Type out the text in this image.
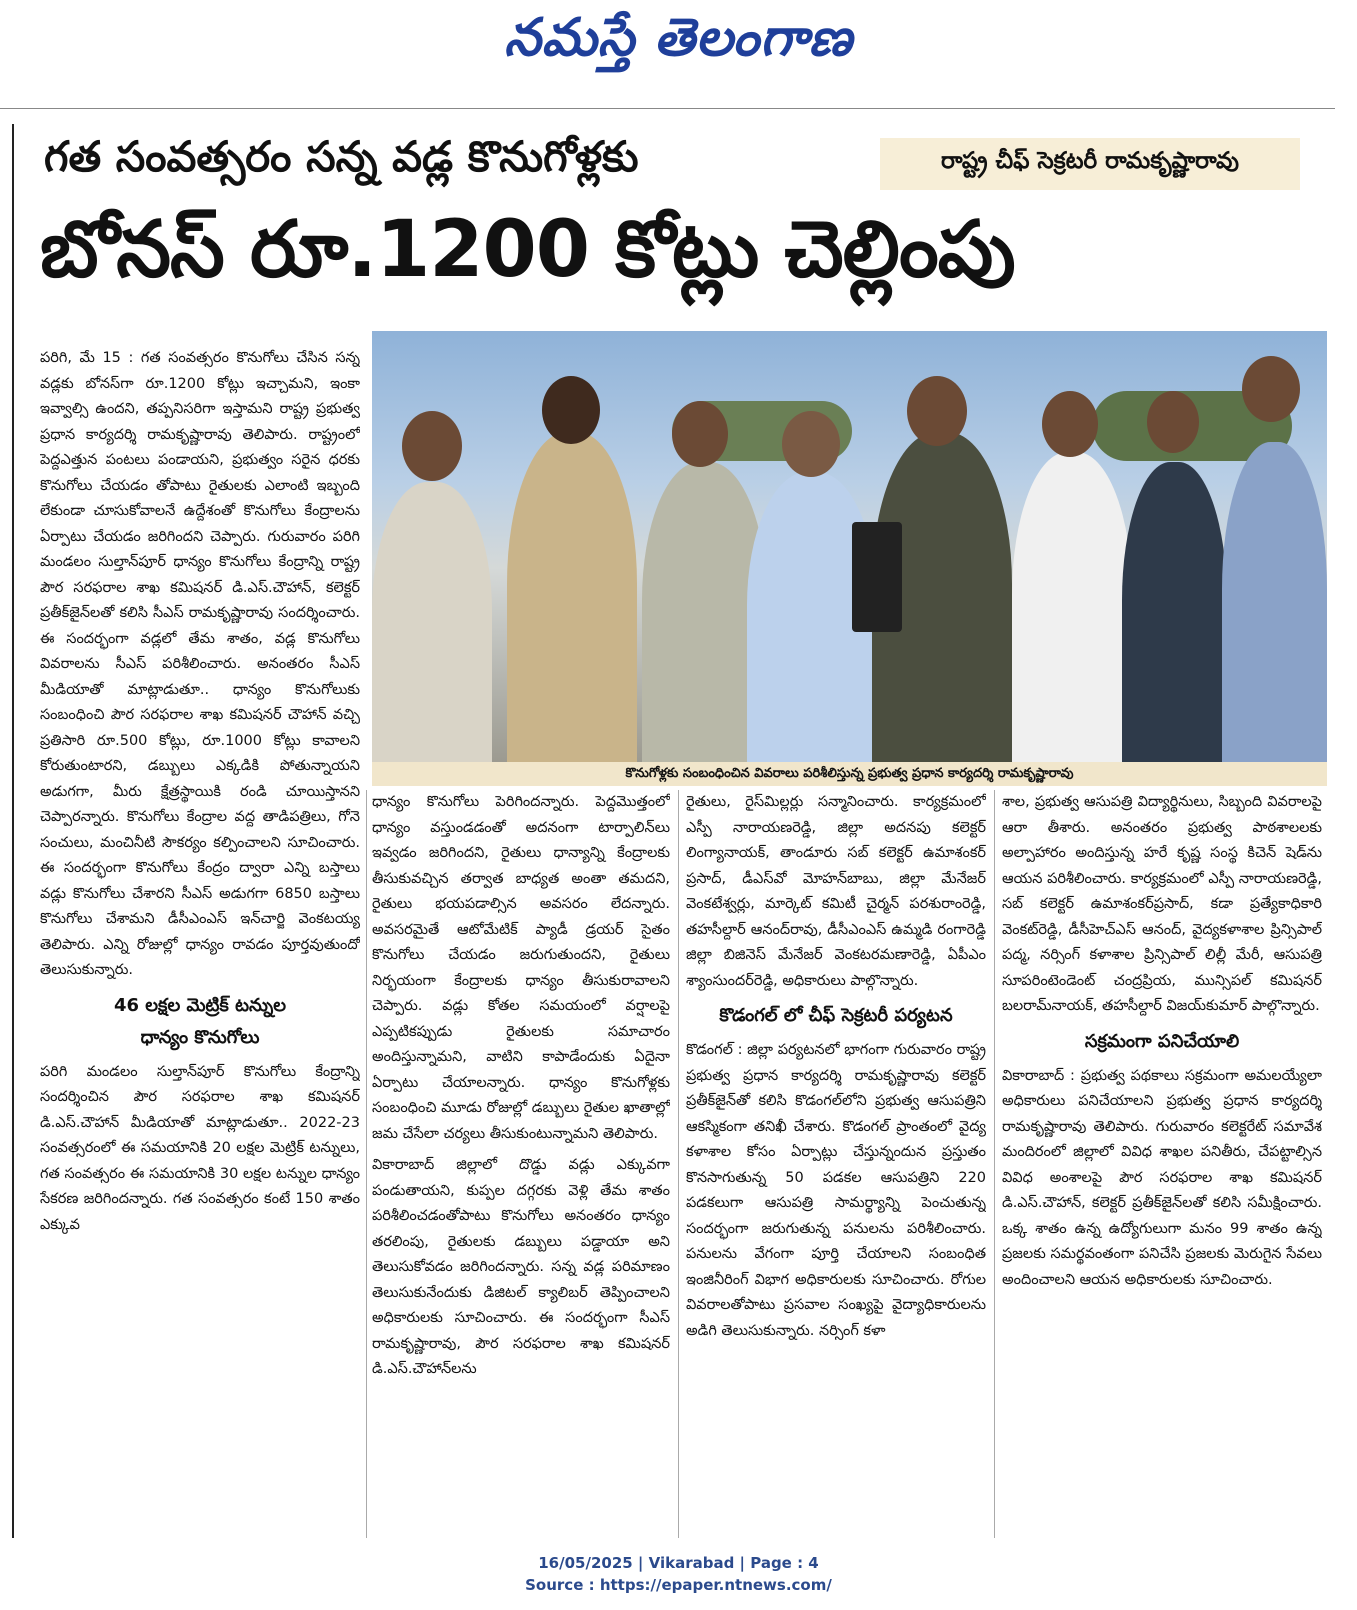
నమస్తే తెలంగాణ
గత సంవత్సరం సన్న వడ్ల కొనుగోళ్లకు	రాష్ట్ర చీఫ్ సెక్రటరీ రామకృష్ణారావు
బోనస్ రూ.1200 కోట్లు చెల్లింపు
కొనుగోళ్లకు సంబంధించిన వివరాలు పరిశీలిస్తున్న ప్రభుత్వ ప్రధాన కార్యదర్శి రామకృష్ణారావు

పరిగి, మే 15 : గత సంవత్సరం కొనుగోలు చేసిన సన్న వడ్లకు బోనస్‌గా రూ.1200 కోట్లు ఇచ్చామని, ఇంకా ఇవ్వాల్సి ఉందని, తప్పనిసరిగా ఇస్తామని రాష్ట్ర ప్రభుత్వ ప్రధాన కార్యదర్శి రామకృష్ణారావు తెలిపారు. రాష్ట్రంలో పెద్దఎత్తున పంటలు పండాయని, ప్రభుత్వం సరైన ధరకు కొనుగోలు చేయడం తోపాటు రైతులకు ఎలాంటి ఇబ్బంది లేకుండా చూసుకోవాలనే ఉద్దేశంతో కొనుగోలు కేంద్రాలను ఏర్పాటు చేయడం జరిగిందని చెప్పారు. గురువారం పరిగి మండలం సుల్తాన్‌పూర్ ధాన్యం కొనుగోలు కేంద్రాన్ని రాష్ట్ర పౌర సరఫరాల శాఖ కమిషనర్ డి.ఎస్.చౌహాన్, కలెక్టర్ ప్రతీక్‌జైన్‌లతో కలిసి సీఎస్ రామకృష్ణారావు సందర్శించారు. ఈ సందర్భంగా వడ్లలో తేమ శాతం, వడ్ల కొనుగోలు వివరాలను సీఎస్ పరిశీలించారు. అనంతరం సీఎస్ మీడియాతో మాట్లాడుతూ.. ధాన్యం కొనుగోలుకు సంబంధించి పౌర సరఫరాల శాఖ కమిషనర్ చౌహాన్ వచ్చి ప్రతిసారి రూ.500 కోట్లు, రూ.1000 కోట్లు కావాలని కోరుతుంటారని, డబ్బులు ఎక్కడికి పోతున్నాయని అడుగగా, మీరు క్షేత్రస్థాయికి రండి చూయిస్తానని చెప్పారన్నారు. కొనుగోలు కేంద్రాల వద్ద తాడిపత్రిలు, గోనె సంచులు, మంచినీటి సౌకర్యం కల్పించాలని సూచించారు. ఈ సందర్భంగా కొనుగోలు కేంద్రం ద్వారా ఎన్ని బస్తాలు వడ్లు కొనుగోలు చేశారని సీఎస్ అడుగగా 6850 బస్తాలు కొనుగోలు చేశామని డీసీఎంఎస్ ఇన్‌చార్జి వెంకటయ్య తెలిపారు. ఎన్ని రోజుల్లో ధాన్యం రావడం పూర్తవుతుందో తెలుసుకున్నారు.

46 లక్షల మెట్రిక్ టన్నుల
ధాన్యం కొనుగోలు

పరిగి మండలం సుల్తాన్‌పూర్ కొనుగోలు కేంద్రాన్ని సందర్శించిన పౌర సరఫరాల శాఖ కమిషనర్ డి.ఎస్.చౌహాన్ మీడియాతో మాట్లాడుతూ.. 2022-23 సంవత్సరంలో ఈ సమయానికి 20 లక్షల మెట్రిక్ టన్నులు, గత సంవత్సరం ఈ సమయానికి 30 లక్షల టన్నుల ధాన్యం సేకరణ జరిగిందన్నారు. గత సంవత్సరం కంటే 150 శాతం ఎక్కువ

ధాన్యం కొనుగోలు పెరిగిందన్నారు. పెద్దమొత్తంలో ధాన్యం వస్తుండడంతో అదనంగా టార్పాలిన్‌లు ఇవ్వడం జరిగిందని, రైతులు ధాన్యాన్ని కేంద్రాలకు తీసుకువచ్చిన తర్వాత బాధ్యత అంతా తమదని, రైతులు భయపడాల్సిన అవసరం లేదన్నారు. అవసరమైతే ఆటోమేటిక్ ప్యాడీ డ్రయర్ సైతం కొనుగోలు చేయడం జరుగుతుందని, రైతులు నిర్భయంగా కేంద్రాలకు ధాన్యం తీసుకురావాలని చెప్పారు. వడ్లు కోతల సమయంలో వర్షాలపై ఎప్పటికప్పుడు రైతులకు సమాచారం అందిస్తున్నామని, వాటిని కాపాడేందుకు ఏదైనా ఏర్పాటు చేయాలన్నారు. ధాన్యం కొనుగోళ్లకు సంబంధించి మూడు రోజుల్లో డబ్బులు రైతుల ఖాతాల్లో జమ చేసేలా చర్యలు తీసుకుంటున్నామని తెలిపారు.

వికారాబాద్ జిల్లాలో దొడ్డు వడ్లు ఎక్కువగా పండుతాయని, కుప్పల దగ్గరకు వెళ్లి తేమ శాతం పరిశీలించడంతోపాటు కొనుగోలు అనంతరం ధాన్యం తరలింపు, రైతులకు డబ్బులు పడ్డాయా అని తెలుసుకోవడం జరిగిందన్నారు. సన్న వడ్ల పరిమాణం తెలుసుకునేందుకు డిజిటల్ క్యాలిబర్ తెప్పించాలని అధికారులకు సూచించారు. ఈ సందర్భంగా సీఎస్ రామకృష్ణారావు, పౌర సరఫరాల శాఖ కమిషనర్ డి.ఎస్.చౌహాన్‌లను

రైతులు, రైస్‌మిల్లర్లు సన్మానించారు. కార్యక్రమంలో ఎస్పీ నారాయణరెడ్డి, జిల్లా అదనపు కలెక్టర్ లింగ్యానాయక్, తాండూరు సబ్ కలెక్టర్ ఉమాశంకర్ ప్రసాద్, డీఎస్‌వో మోహన్‌బాబు, జిల్లా మేనేజర్ వెంకటేశ్వర్లు, మార్కెట్ కమిటీ చైర్మన్ పరశురాంరెడ్డి, తహసీల్దార్ ఆనంద్‌రావు, డీసీఎంఎస్ ఉమ్మడి రంగారెడ్డి జిల్లా బిజినెస్ మేనేజర్ వెంకటరమణారెడ్డి, ఏపీఎం శ్యాంసుందర్‌రెడ్డి, అధికారులు పాల్గొన్నారు.

కొడంగల్ లో చీఫ్ సెక్రటరీ పర్యటన

కొడంగల్ : జిల్లా పర్యటనలో భాగంగా గురువారం రాష్ట్ర ప్రభుత్వ ప్రధాన కార్యదర్శి రామకృష్ణారావు కలెక్టర్ ప్రతీక్‌జైన్‌తో కలిసి కొడంగల్‌లోని ప్రభుత్వ ఆసుపత్రిని ఆకస్మికంగా తనిఖీ చేశారు. కొడంగల్ ప్రాంతంలో వైద్య కళాశాల కోసం ఏర్పాట్లు చేస్తున్నందున ప్రస్తుతం కొనసాగుతున్న 50 పడకల ఆసుపత్రిని 220 పడకలుగా ఆసుపత్రి సామర్థ్యాన్ని పెంచుతున్న సందర్భంగా జరుగుతున్న పనులను పరిశీలించారు. పనులను వేగంగా పూర్తి చేయాలని సంబంధిత ఇంజినీరింగ్ విభాగ అధికారులకు సూచించారు. రోగుల వివరాలతోపాటు ప్రసవాల సంఖ్యపై వైద్యాధికారులను అడిగి తెలుసుకున్నారు. నర్సింగ్ కళా

శాల, ప్రభుత్వ ఆసుపత్రి విద్యార్థినులు, సిబ్బంది వివరాలపై ఆరా తీశారు. అనంతరం ప్రభుత్వ పాఠశాలలకు అల్పాహారం అందిస్తున్న హరే కృష్ణ సంస్థ కిచెన్ షెడ్‌ను ఆయన పరిశీలించారు. కార్యక్రమంలో ఎస్పీ నారాయణరెడ్డి, సబ్ కలెక్టర్ ఉమాశంకర్‌ప్రసాద్, కడా ప్రత్యేకాధికారి వెంకట్‌రెడ్డి, డీసీహెచ్‌ఎస్ ఆనంద్, వైద్యకళాశాల ప్రిన్సిపాల్ పద్మ, నర్సింగ్ కళాశాల ప్రిన్సిపాల్ లిల్లీ మేరీ, ఆసుపత్రి సూపరింటెండెంట్ చంద్రప్రియ, మున్సిపల్ కమిషనర్ బలరామ్‌నాయక్, తహసీల్దార్ విజయ్‌కుమార్ పాల్గొన్నారు.

సక్రమంగా పనిచేయాలి

వికారాబాద్ : ప్రభుత్వ పథకాలు సక్రమంగా అమలయ్యేలా అధికారులు పనిచేయాలని ప్రభుత్వ ప్రధాన కార్యదర్శి రామకృష్ణారావు తెలిపారు. గురువారం కలెక్టరేట్ సమావేశ మందిరంలో జిల్లాలో వివిధ శాఖల పనితీరు, చేపట్టాల్సిన వివిధ అంశాలపై పౌర సరఫరాల శాఖ కమిషనర్ డి.ఎస్.చౌహాన్, కలెక్టర్ ప్రతీక్‌జైన్‌లతో కలిసి సమీక్షించారు. ఒక్క శాతం ఉన్న ఉద్యోగులుగా మనం 99 శాతం ఉన్న ప్రజలకు సమర్థవంతంగా పనిచేసి ప్రజలకు మెరుగైన సేవలు అందించాలని ఆయన అధికారులకు సూచించారు.

16/05/2025 | Vikarabad | Page : 4
Source : https://epaper.ntnews.com/
